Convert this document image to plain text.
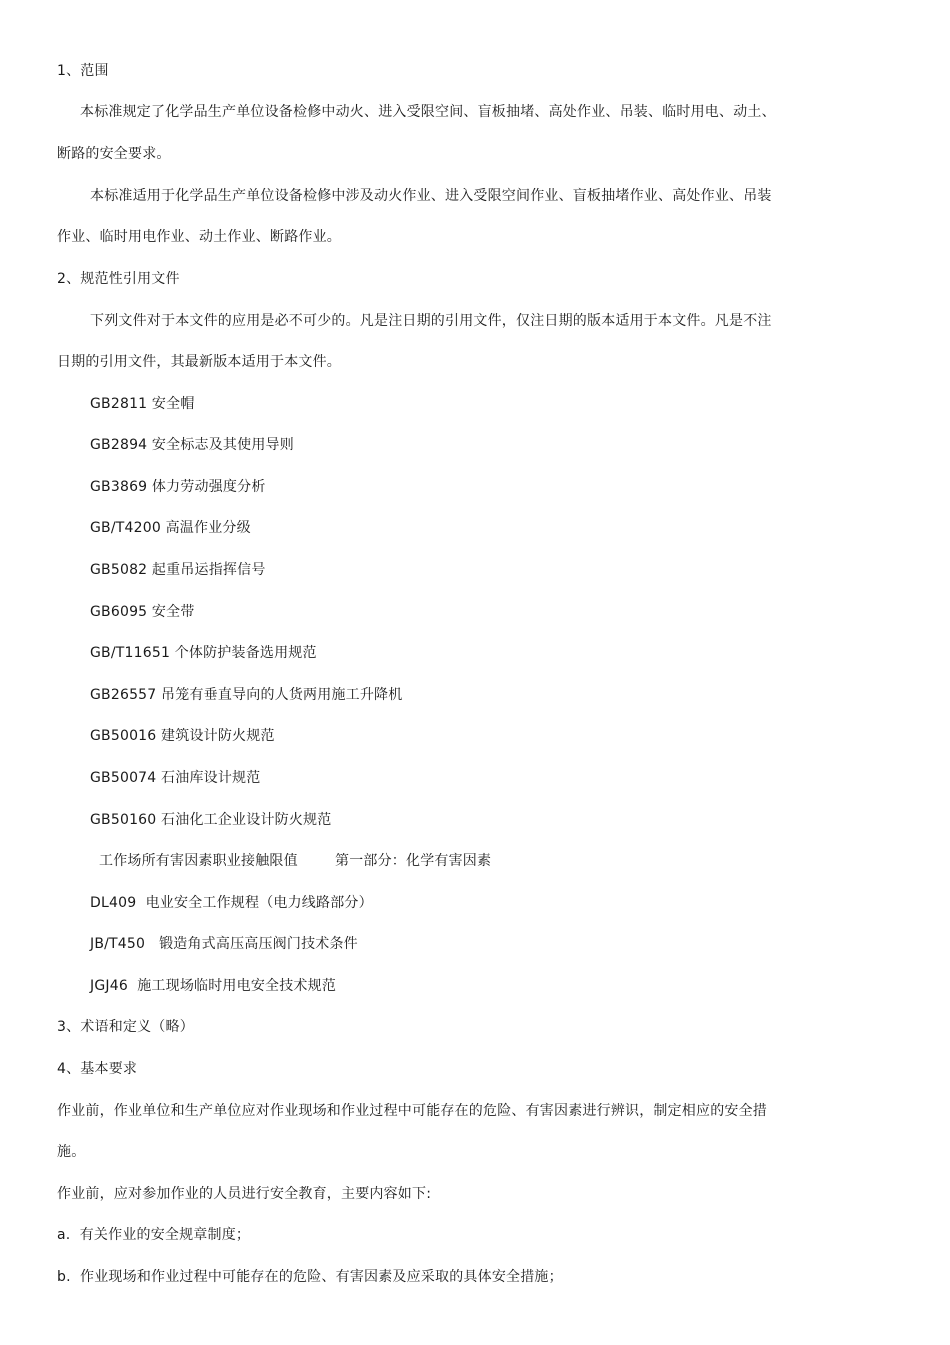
1、范围
本标准规定了化学品生产单位设备检修中动火、进入受限空间、盲板抽堵、高处作业、吊装、临时用电、动土、
断路的安全要求。
本标准适用于化学品生产单位设备检修中涉及动火作业、进入受限空间作业、盲板抽堵作业、高处作业、吊装
作业、临时用电作业、动土作业、断路作业。
2、规范性引用文件
下列文件对于本文件的应用是必不可少的。凡是注日期的引用文件，仅注日期的版本适用于本文件。凡是不注
日期的引用文件，其最新版本适用于本文件。
GB2811 安全帽
GB2894 安全标志及其使用导则
GB3869 体力劳动强度分析
GB/T4200 高温作业分级
GB5082 起重吊运指挥信号
GB6095 安全带
GB/T11651 个体防护装备选用规范
GB26557 吊笼有垂直导向的人货两用施工升降机
GB50016 建筑设计防火规范
GB50074 石油库设计规范
GB50160 石油化工企业设计防火规范
工作场所有害因素职业接触限值        第一部分：化学有害因素
DL409  电业安全工作规程（电力线路部分）
JB/T450   锻造角式高压高压阀门技术条件
JGJ46  施工现场临时用电安全技术规范
3、术语和定义（略）
4、基本要求
作业前，作业单位和生产单位应对作业现场和作业过程中可能存在的危险、有害因素进行辨识，制定相应的安全措
施。
作业前，应对参加作业的人员进行安全教育，主要内容如下:
a.  有关作业的安全规章制度；
b.  作业现场和作业过程中可能存在的危险、有害因素及应采取的具体安全措施；
